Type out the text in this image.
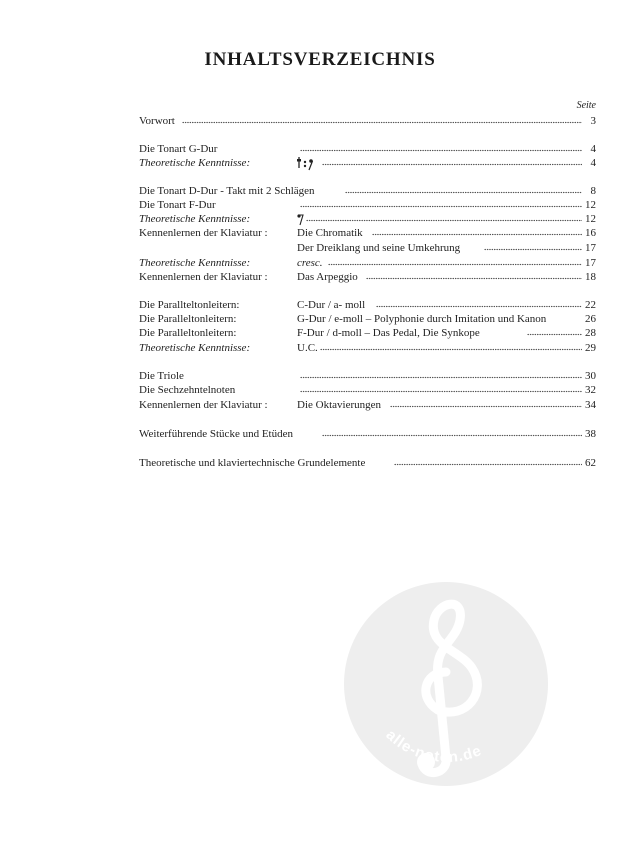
INHALTSVERZEICHNIS
Seite
Vorwort	3
Die Tonart G-Dur	4
Theoretische Kenntnisse:	4
Die Tonart D-Dur - Takt mit 2 Schlägen	8
Die Tonart F-Dur	12
Theoretische Kenntnisse:	12
Kennenlernen der Klaviatur :	Die Chromatik	16
Der Dreiklang und seine Umkehrung	17
Theoretische Kenntnisse:	cresc.	17
Kennenlernen der Klaviatur :	Das Arpeggio	18
Die Parallteltonleitern:	C-Dur / a- moll	22
Die Paralleltonleitern:	G-Dur / e-moll – Polyphonie durch Imitation und Kanon	26
Die Paralleltonleitern:	F-Dur / d-moll – Das Pedal, Die Synkope	28
Theoretische Kenntnisse:	U.C.	29
Die Triole	30
Die Sechzehntelnoten	32
Kennenlernen der Klaviatur :	Die Oktavierungen	34
Weiterführende Stücke und Etüden	38
Theoretische und klaviertechnische Grundelemente	62
alle-noten.de
